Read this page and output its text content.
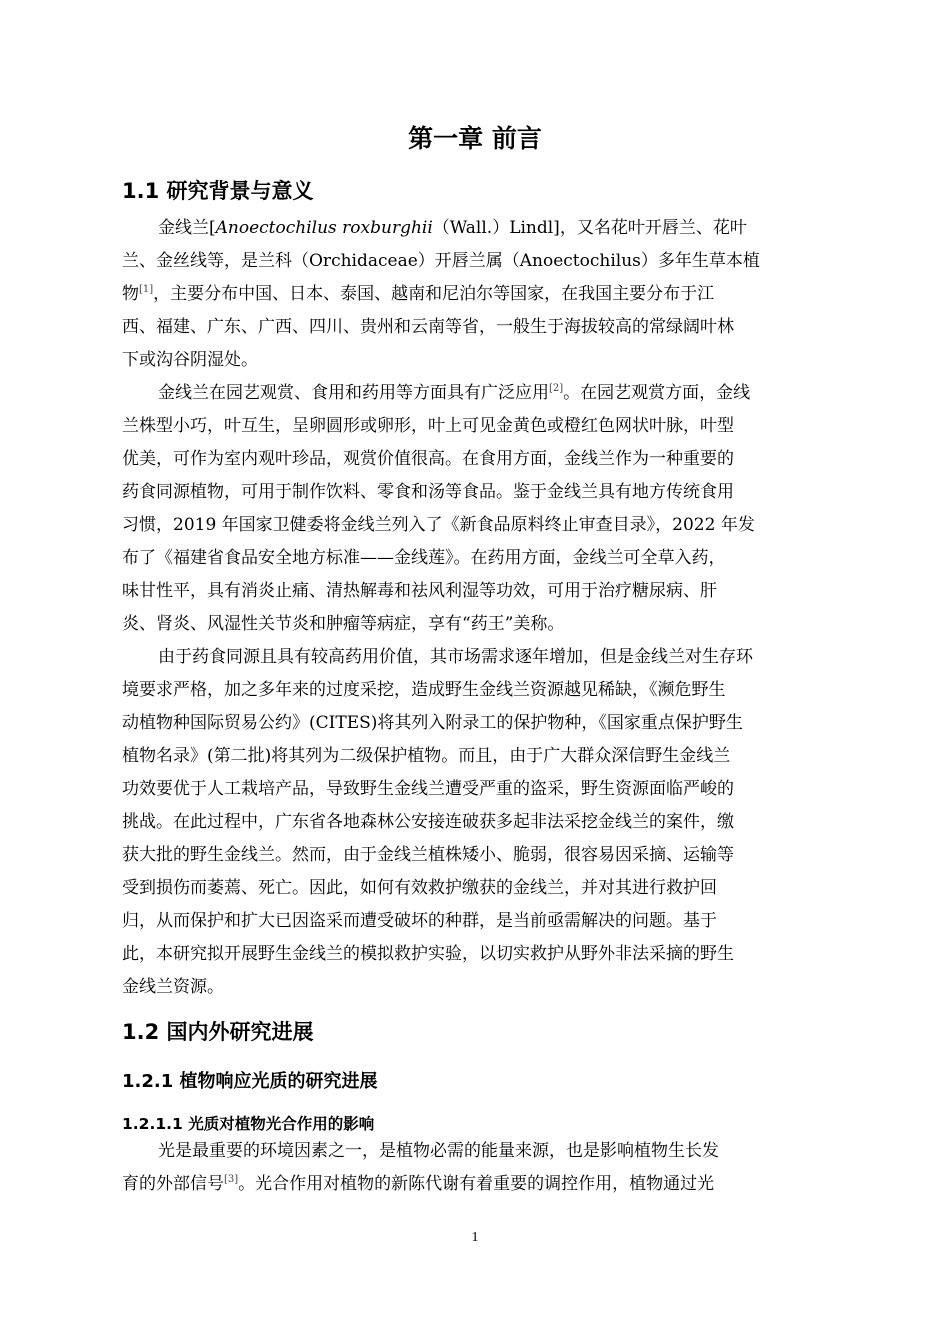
第一章 前言
1.1 研究背景与意义
金线兰[Anoectochilus roxburghii（Wall.）Lindl]，又名花叶开唇兰、花叶
兰、金丝线等，是兰科（Orchidaceae）开唇兰属（Anoectochilus）多年生草本植
物[1]，主要分布中国、日本、泰国、越南和尼泊尔等国家，在我国主要分布于江
西、福建、广东、广西、四川、贵州和云南等省，一般生于海拔较高的常绿阔叶林
下或沟谷阴湿处。
金线兰在园艺观赏、食用和药用等方面具有广泛应用[2]。在园艺观赏方面，金线
兰株型小巧，叶互生，呈卵圆形或卵形，叶上可见金黄色或橙红色网状叶脉，叶型
优美，可作为室内观叶珍品，观赏价值很高。在食用方面，金线兰作为一种重要的
药食同源植物，可用于制作饮料、零食和汤等食品。鉴于金线兰具有地方传统食用
习惯，2019 年国家卫健委将金线兰列入了《新食品原料终止审查目录》，2022 年发
布了《福建省食品安全地方标准——金线莲》。在药用方面，金线兰可全草入药，
味甘性平，具有消炎止痛、清热解毒和祛风利湿等功效，可用于治疗糖尿病、肝
炎、肾炎、风湿性关节炎和肿瘤等病症，享有“药王”美称。
由于药食同源且具有较高药用价值，其市场需求逐年增加，但是金线兰对生存环
境要求严格，加之多年来的过度采挖，造成野生金线兰资源越见稀缺，《濒危野生
动植物种国际贸易公约》(CITES)将其列入附录工的保护物种，《国家重点保护野生
植物名录》(第二批)将其列为二级保护植物。而且，由于广大群众深信野生金线兰
功效要优于人工栽培产品，导致野生金线兰遭受严重的盗采，野生资源面临严峻的
挑战。在此过程中，广东省各地森林公安接连破获多起非法采挖金线兰的案件，缴
获大批的野生金线兰。然而，由于金线兰植株矮小、脆弱，很容易因采摘、运输等
受到损伤而萎蔫、死亡。因此，如何有效救护缴获的金线兰，并对其进行救护回
归，从而保护和扩大已因盗采而遭受破坏的种群，是当前亟需解决的问题。基于
此，本研究拟开展野生金线兰的模拟救护实验，以切实救护从野外非法采摘的野生
金线兰资源。
1.2 国内外研究进展
1.2.1 植物响应光质的研究进展
1.2.1.1 光质对植物光合作用的影响
光是最重要的环境因素之一，是植物必需的能量来源，也是影响植物生长发
育的外部信号[3]。光合作用对植物的新陈代谢有着重要的调控作用，植物通过光
1
